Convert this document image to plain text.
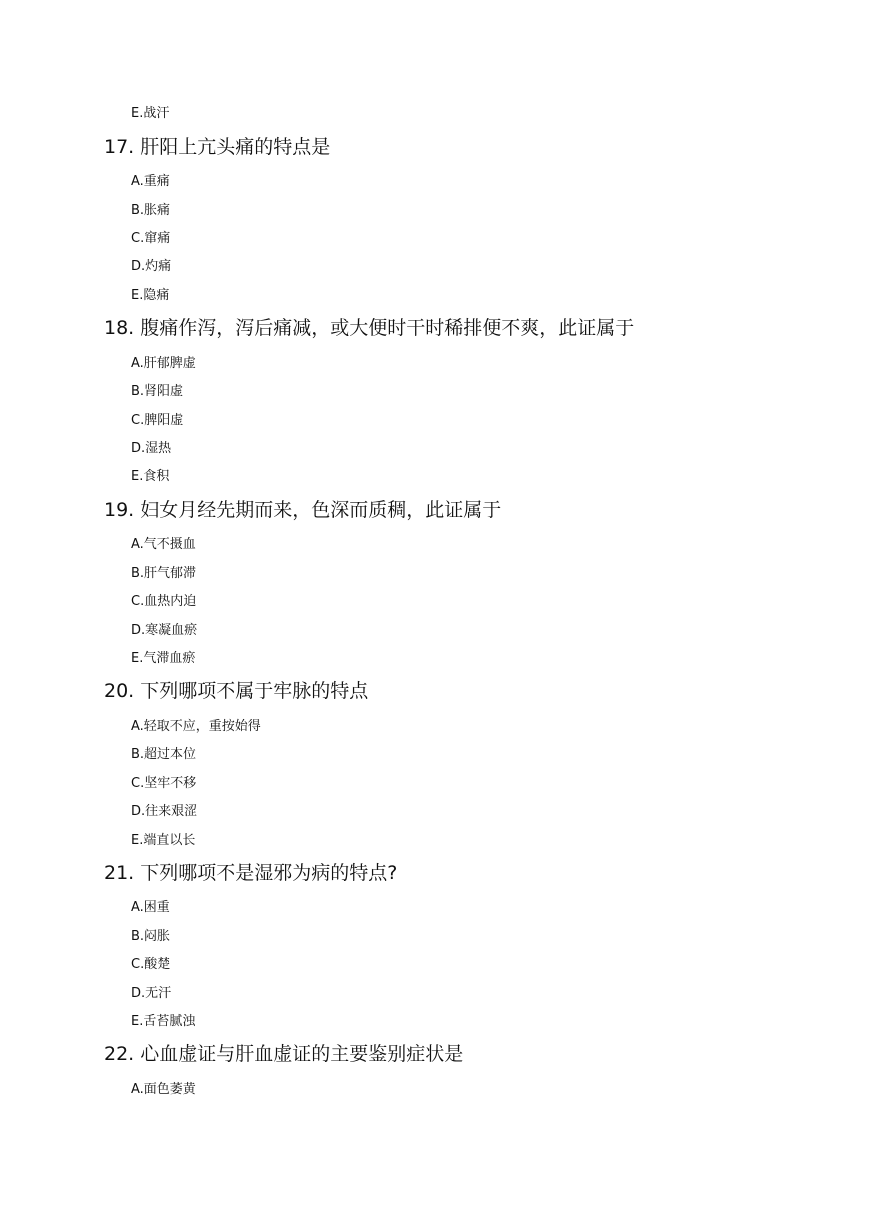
E.战汗
17. 肝阳上亢头痛的特点是
A.重痛
B.胀痛
C.窜痛
D.灼痛
E.隐痛
18. 腹痛作泻，泻后痛减，或大便时干时稀排便不爽，此证属于
A.肝郁脾虚
B.肾阳虚
C.脾阳虚
D.湿热
E.食积
19. 妇女月经先期而来，色深而质稠，此证属于
A.气不摄血
B.肝气郁滞
C.血热内迫
D.寒凝血瘀
E.气滞血瘀
20. 下列哪项不属于牢脉的特点
A.轻取不应，重按始得
B.超过本位
C.坚牢不移
D.往来艰涩
E.端直以长
21. 下列哪项不是湿邪为病的特点?
A.困重
B.闷胀
C.酸楚
D.无汗
E.舌苔腻浊
22. 心血虚证与肝血虚证的主要鉴别症状是
A.面色萎黄
